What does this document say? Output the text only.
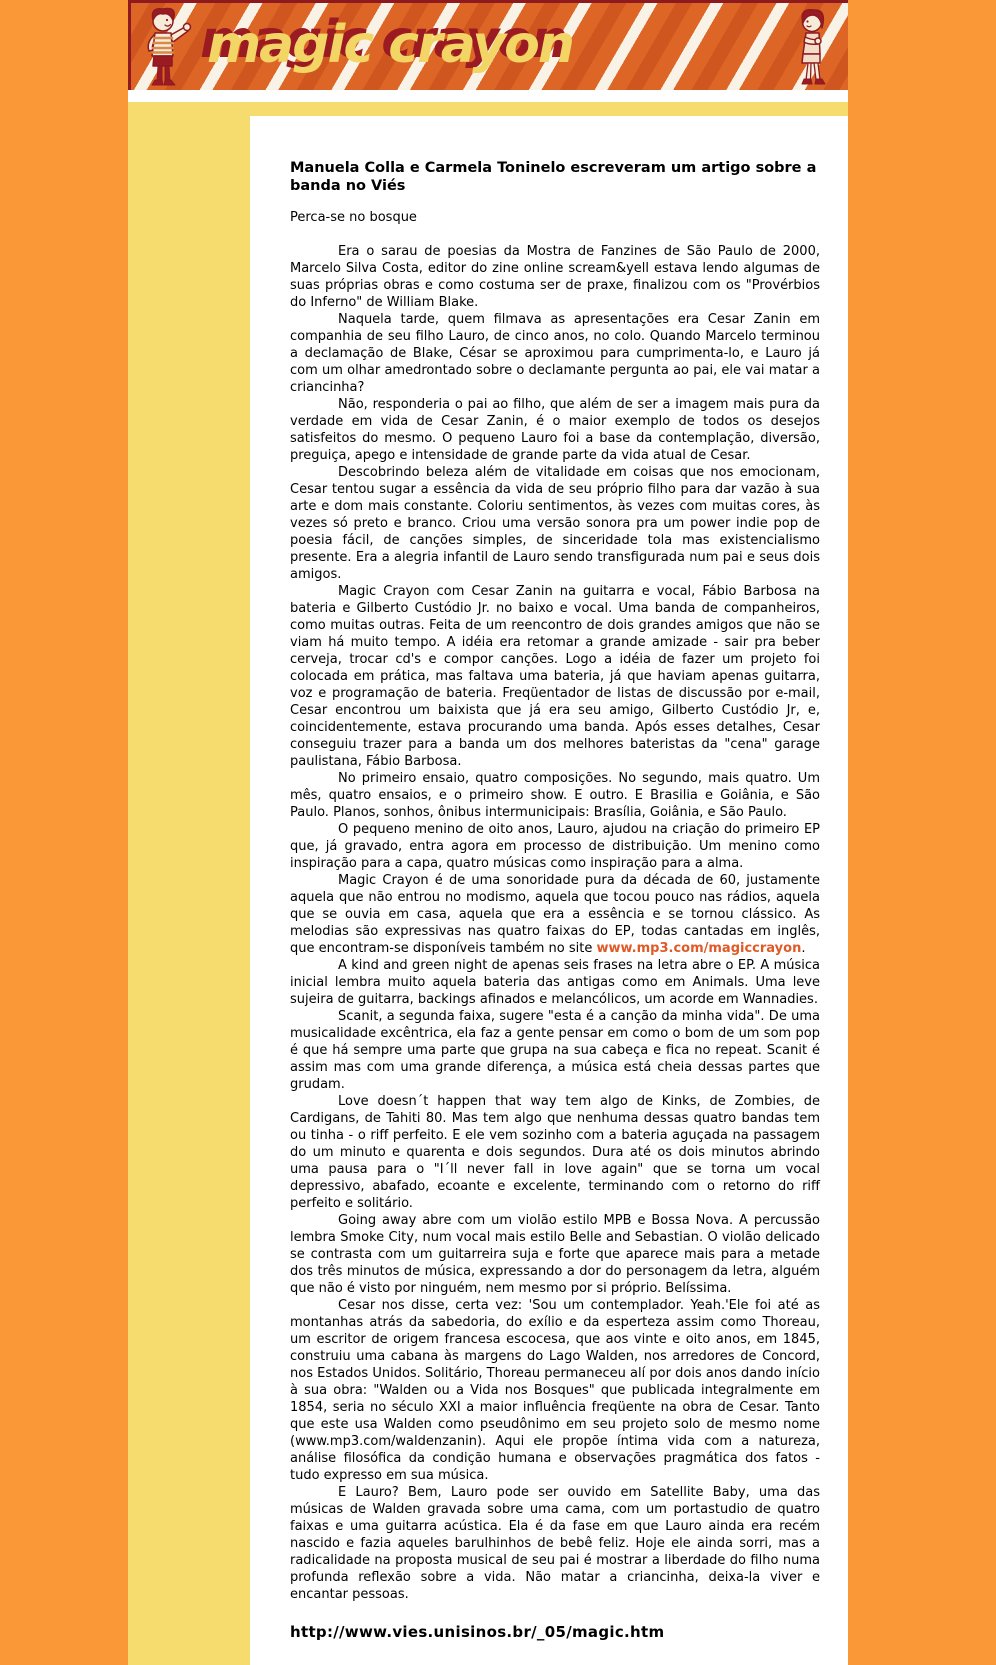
magic crayon
Manuela Colla e Carmela Toninelo escreveram um artigo sobre a banda no Viés

Perca-se no bosque

Era o sarau de poesias da Mostra de Fanzines de São Paulo de 2000, Marcelo Silva Costa, editor do zine online scream&yell estava lendo algumas de suas próprias obras e como costuma ser de praxe, finalizou com os "Provérbios do Inferno" de William Blake.

Naquela tarde, quem filmava as apresentações era Cesar Zanin em companhia de seu filho Lauro, de cinco anos, no colo. Quando Marcelo terminou a declamação de Blake, César se aproximou para cumprimenta-lo, e Lauro já com um olhar amedrontado sobre o declamante pergunta ao pai, ele vai matar a criancinha?

Não, responderia o pai ao filho, que além de ser a imagem mais pura da verdade em vida de Cesar Zanin, é o maior exemplo de todos os desejos satisfeitos do mesmo. O pequeno Lauro foi a base da contemplação, diversão, preguiça, apego e intensidade de grande parte da vida atual de Cesar.

Descobrindo beleza além de vitalidade em coisas que nos emocionam, Cesar tentou sugar a essência da vida de seu próprio filho para dar vazão à sua arte e dom mais constante. Coloriu sentimentos, às vezes com muitas cores, às vezes só preto e branco. Criou uma versão sonora pra um power indie pop de poesia fácil, de canções simples, de sinceridade tola mas existencialismo presente. Era a alegria infantil de Lauro sendo transfigurada num pai e seus dois amigos.

Magic Crayon com Cesar Zanin na guitarra e vocal, Fábio Barbosa na bateria e Gilberto Custódio Jr. no baixo e vocal. Uma banda de companheiros, como muitas outras. Feita de um reencontro de dois grandes amigos que não se viam há muito tempo. A idéia era retomar a grande amizade - sair pra beber cerveja, trocar cd's e compor canções. Logo a idéia de fazer um projeto foi colocada em prática, mas faltava uma bateria, já que haviam apenas guitarra, voz e programação de bateria. Freqüentador de listas de discussão por e-mail, Cesar encontrou um baixista que já era seu amigo, Gilberto Custódio Jr, e, coincidentemente, estava procurando uma banda. Após esses detalhes, Cesar conseguiu trazer para a banda um dos melhores bateristas da "cena" garage paulistana, Fábio Barbosa.

No primeiro ensaio, quatro composições. No segundo, mais quatro. Um mês, quatro ensaios, e o primeiro show. E outro. E Brasilia e Goiânia, e São Paulo. Planos, sonhos, ônibus intermunicipais: Brasília, Goiânia, e São Paulo.

O pequeno menino de oito anos, Lauro, ajudou na criação do primeiro EP que, já gravado, entra agora em processo de distribuição. Um menino como inspiração para a capa, quatro músicas como inspiração para a alma.

Magic Crayon é de uma sonoridade pura da década de 60, justamente aquela que não entrou no modismo, aquela que tocou pouco nas rádios, aquela que se ouvia em casa, aquela que era a essência e se tornou clássico. As melodias são expressivas nas quatro faixas do EP, todas cantadas em inglês, que encontram-se disponíveis também no site www.mp3.com/magiccrayon.

A kind and green night de apenas seis frases na letra abre o EP. A música inicial lembra muito aquela bateria das antigas como em Animals. Uma leve sujeira de guitarra, backings afinados e melancólicos, um acorde em Wannadies.

Scanit, a segunda faixa, sugere "esta é a canção da minha vida". De uma musicalidade excêntrica, ela faz a gente pensar em como o bom de um som pop é que há sempre uma parte que grupa na sua cabeça e fica no repeat. Scanit é assim mas com uma grande diferença, a música está cheia dessas partes que grudam.

Love doesn´t happen that way tem algo de Kinks, de Zombies, de Cardigans, de Tahiti 80. Mas tem algo que nenhuma dessas quatro bandas tem ou tinha - o riff perfeito. E ele vem sozinho com a bateria aguçada na passagem do um minuto e quarenta e dois segundos. Dura até os dois minutos abrindo uma pausa para o "I´ll never fall in love again" que se torna um vocal depressivo, abafado, ecoante e excelente, terminando com o retorno do riff perfeito e solitário.

Going away abre com um violão estilo MPB e Bossa Nova. A percussão lembra Smoke City, num vocal mais estilo Belle and Sebastian. O violão delicado se contrasta com um guitarreira suja e forte que aparece mais para a metade dos três minutos de música, expressando a dor do personagem da letra, alguém que não é visto por ninguém, nem mesmo por si próprio. Belíssima.

Cesar nos disse, certa vez: 'Sou um contemplador. Yeah.'Ele foi até as montanhas atrás da sabedoria, do exílio e da esperteza assim como Thoreau, um escritor de origem francesa escocesa, que aos vinte e oito anos, em 1845, construiu uma cabana às margens do Lago Walden, nos arredores de Concord, nos Estados Unidos. Solitário, Thoreau permaneceu alí por dois anos dando início à sua obra: "Walden ou a Vida nos Bosques" que publicada integralmente em 1854, seria no século XXI a maior influência freqüente na obra de Cesar. Tanto que este usa Walden como pseudônimo em seu projeto solo de mesmo nome (www.mp3.com/waldenzanin). Aqui ele propõe íntima vida com a natureza, análise filosófica da condição humana e observações pragmática dos fatos - tudo expresso em sua música.

E Lauro? Bem, Lauro pode ser ouvido em Satellite Baby, uma das músicas de Walden gravada sobre uma cama, com um portastudio de quatro faixas e uma guitarra acústica. Ela é da fase em que Lauro ainda era recém nascido e fazia aqueles barulhinhos de bebê feliz. Hoje ele ainda sorri, mas a radicalidade na proposta musical de seu pai é mostrar a liberdade do filho numa profunda reflexão sobre a vida. Não matar a criancinha, deixa-la viver e encantar pessoas.

http://www.vies.unisinos.br/_05/magic.htm
